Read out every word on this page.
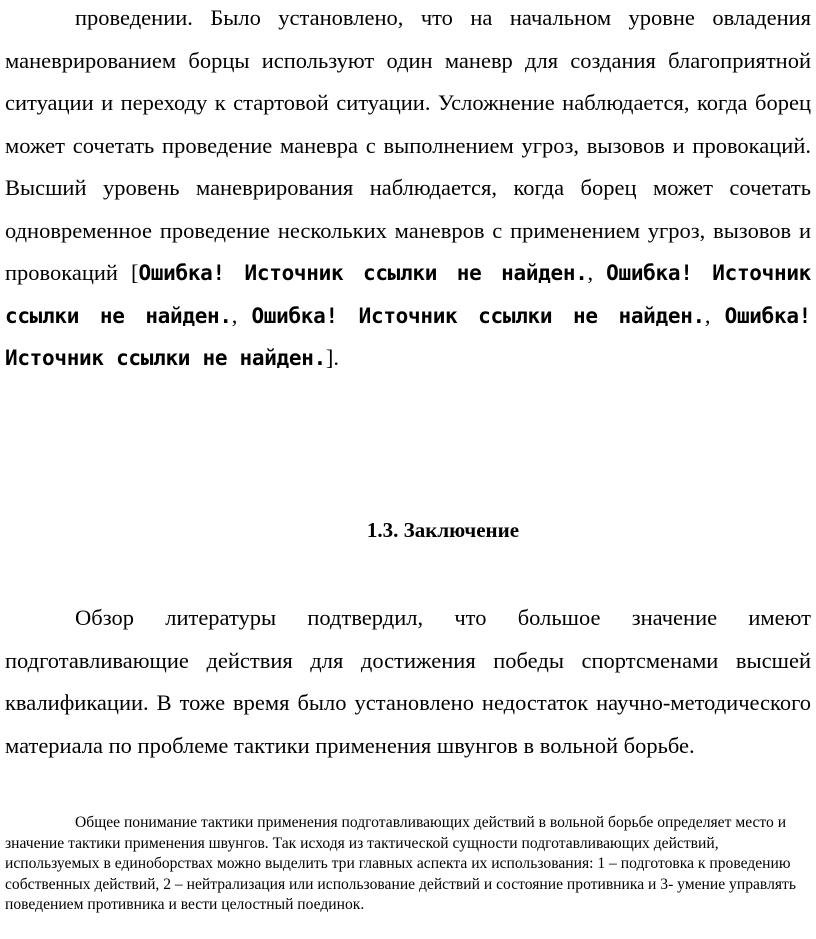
проведении. Было установлено, что на начальном уровне овладения маневрированием борцы используют один маневр для создания благоприятной ситуации и переходу к стартовой ситуации. Усложнение наблюдается, когда борец может сочетать проведение маневра с выполнением угроз, вызовов и провокаций. Высший уровень маневрирования наблюдается, когда борец может сочетать одновременное проведение нескольких маневров с применением угроз, вызовов и провокаций [Ошибка! Источник ссылки не найден., Ошибка! Источник ссылки не найден., Ошибка! Источник ссылки не найден., Ошибка! Источник ссылки не найден.].

1.3. Заключение

Обзор литературы подтвердил, что большое значение имеют подготавливающие действия для достижения победы спортсменами высшей квалификации. В тоже время было установлено недостаток научно-методического материала по проблеме тактики применения швунгов в вольной борьбе.

Общее понимание тактики применения подготавливающих действий в вольной борьбе определяет место и значение тактики применения швунгов. Так исходя из тактической сущности подготавливающих действий, используемых в единоборствах можно выделить три главных аспекта их использования: 1 – подготовка к проведению собственных действий, 2 – нейтрализация или использование действий и состояние противника и 3- умение управлять поведением противника и вести целостный поединок.
